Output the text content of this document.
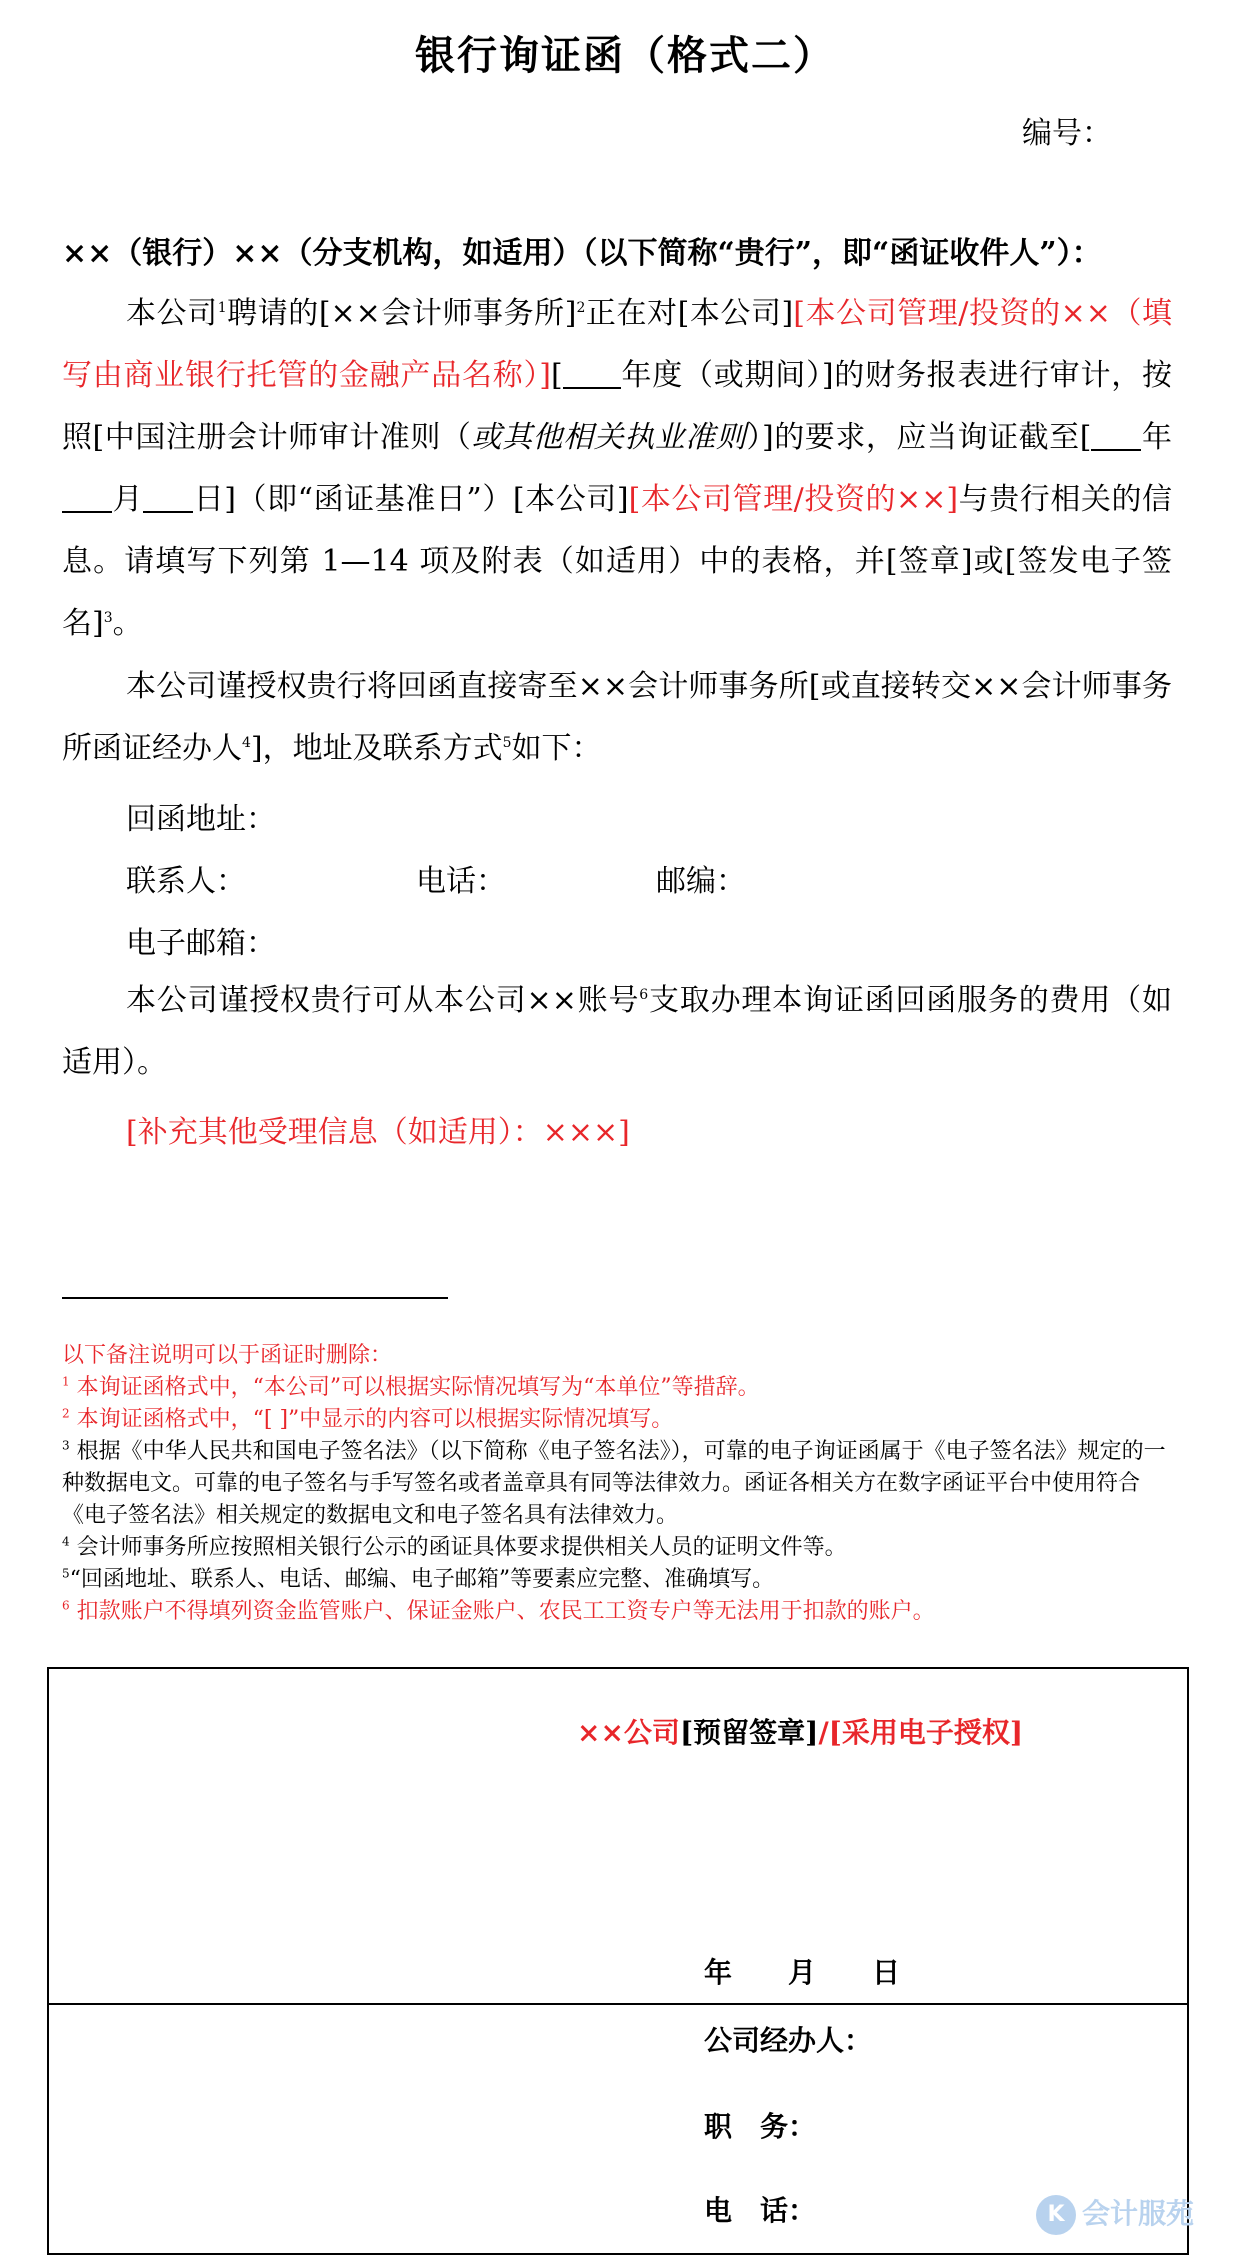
银行询证函（格式二）
编号：
××（银行）××（分支机构，如适用）（以下简称“贵行”，即“函证收件人”）：
本公司$^1$聘请的[××会计师事务所]$^2$正在对[本公司][本公司管理/投资的××（填写由商业银行托管的金融产品名称）][ 年度（或期间）]的财务报表进行审计，按照[中国注册会计师审计准则（或其他相关执业准则）]的要求，应当询证截至[ 年月 日]（即“函证基准日”）[本公司][本公司管理/投资的××]与贵行相关的信息。请填写下列第 1—14 项及附表（如适用）中的表格，并[签章]或[签发电子签名]$^3$。
本公司谨授权贵行将回函直接寄至××会计师事务所[或直接转交××会计师事务所函证经办人$^4$]，地址及联系方式$^5$如下：
回函地址：
联系人：	电话：	邮编：
电子邮箱：
本公司谨授权贵行可从本公司××账号$^6$支取办理本询证函回函服务的费用（如适用）。
[补充其他受理信息（如适用）：×××]

以下备注说明可以于函证时删除：

$^1$ 本询证函格式中，“本公司”可以根据实际情况填写为“本单位”等措辞。

$^2$ 本询证函格式中，“[ ]”中显示的内容可以根据实际情况填写。

$^3$ 根据《中华人民共和国电子签名法》（以下简称《电子签名法》），可靠的电子询证函属于《电子签名法》规定的一种数据电文。可靠的电子签名与手写签名或者盖章具有同等法律效力。函证各相关方在数字函证平台中使用符合《电子签名法》相关规定的数据电文和电子签名具有法律效力。

$^4$ 会计师事务所应按照相关银行公示的函证具体要求提供相关人员的证明文件等。

$^5$“回函地址、联系人、电话、邮编、电子邮箱”等要素应完整、准确填写。

$^6$ 扣款账户不得填列资金监管账户、保证金账户、农民工工资专户等无法用于扣款的账户。

××公司[预留签章]/[采用电子授权]
年 月 日
公司经办人：
职　务：
电　话：	K 会计服苑
